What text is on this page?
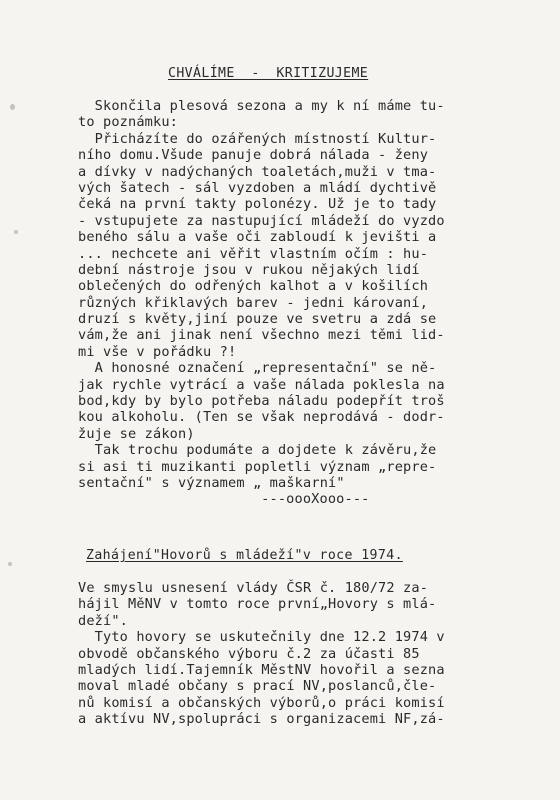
CHVÁLÍME  -  KRITIZUJEME
Skončila plesová sezona a my k ní máme tu-
to poznámku:
Přicházíte do ozářených místností Kultur-
ního domu.Všude panuje dobrá nálada - ženy
a dívky v nadýchaných toaletách,muži v tma-
vých šatech - sál vyzdoben a mládí dychtivě
čeká na první takty polonézy. Už je to tady
- vstupujete za nastupující mládeží do vyzdo
beného sálu a vaše oči zabloudí k jevišti a
... nechcete ani věřit vlastním očím : hu-
dební nástroje jsou v rukou nějakých lidí
oblečených do odřených kalhot a v košilích
různých křiklavých barev - jedni károvaní,
druzí s květy,jiní pouze ve svetru a zdá se
vám,že ani jinak není všechno mezi těmi lid-
mi vše v pořádku ?!
A honosné označení „representační" se ně-
jak rychle vytrácí a vaše nálada poklesla na
bod,kdy by bylo potřeba náladu podepřít troš
kou alkoholu. (Ten se však neprodává - dodr-
žuje se zákon)
Tak trochu podumáte a dojdete k závěru,že
si asi ti muzikanti popletli význam „repre-
sentační" s významem „ maškarní"
---oooXooo---
Zahájení"Hovorů s mládeží"v roce 1974.
Ve smyslu usnesení vlády ČSR č. 180/72 za-
hájil MěNV v tomto roce první„Hovory s mlá-
deží".
Tyto hovory se uskutečnily dne 12.2 1974 v
obvodě občanského výboru č.2 za účasti 85
mladých lidí.Tajemník MěstNV hovořil a sezna
moval mladé občany s prací NV,poslanců,čle-
nů komisí a občanských výborů,o práci komisí
a aktívu NV,spolupráci s organizacemi NF,zá-
